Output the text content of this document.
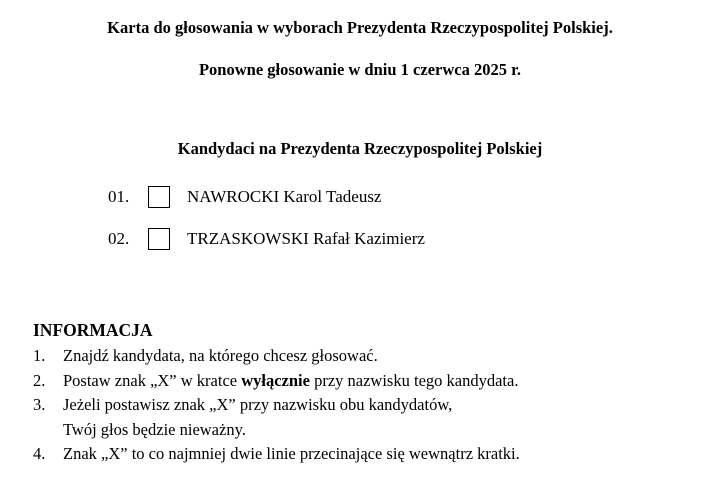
Karta do głosowania w wyborach Prezydenta Rzeczypospolitej Polskiej.
Ponowne głosowanie w dniu 1 czerwca 2025 r.
Kandydaci na Prezydenta Rzeczypospolitej Polskiej
01.	NAWROCKI Karol Tadeusz
02.	TRZASKOWSKI Rafał Kazimierz
INFORMACJA
1.	Znajdź kandydata, na którego chcesz głosować.
2.	Postaw znak „X” w kratce wyłącznie przy nazwisku tego kandydata.
3.	Jeżeli postawisz znak „X” przy nazwisku obu kandydatów,
Twój głos będzie nieważny.
4.	Znak „X” to co najmniej dwie linie przecinające się wewnątrz kratki.
